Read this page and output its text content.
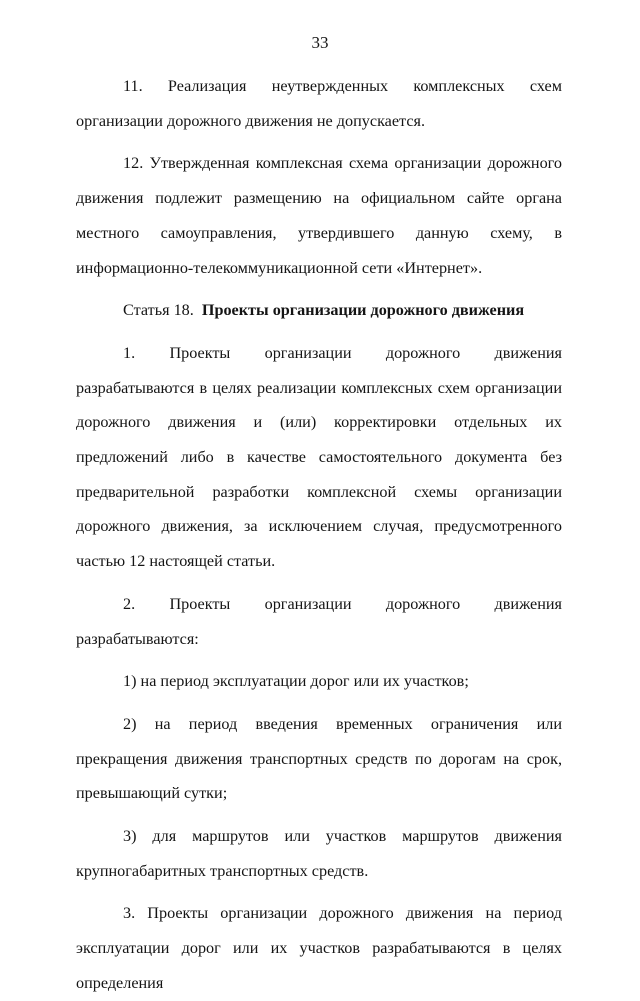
33

11. Реализация неутвержденных комплексных схем организации дорожного движения не допускается.

12. Утвержденная комплексная схема организации дорожного движения подлежит размещению на официальном сайте органа местного самоуправления, утвердившего данную схему, в информационно-телекоммуникационной сети «Интернет».

Статья 18. Проекты организации дорожного движения

1. Проекты организации дорожного движения разрабатываются в целях реализации комплексных схем организации дорожного движения и (или) корректировки отдельных их предложений либо в качестве самостоятельного документа без предварительной разработки комплексной схемы организации дорожного движения, за исключением случая, предусмотренного частью 12 настоящей статьи.

2. Проекты организации дорожного движения разрабатываются:

1) на период эксплуатации дорог или их участков;

2) на период введения временных ограничения или прекращения движения транспортных средств по дорогам на срок, превышающий сутки;

3) для маршрутов или участков маршрутов движения крупногабаритных транспортных средств.

3. Проекты организации дорожного движения на период эксплуатации дорог или их участков разрабатываются в целях определения
